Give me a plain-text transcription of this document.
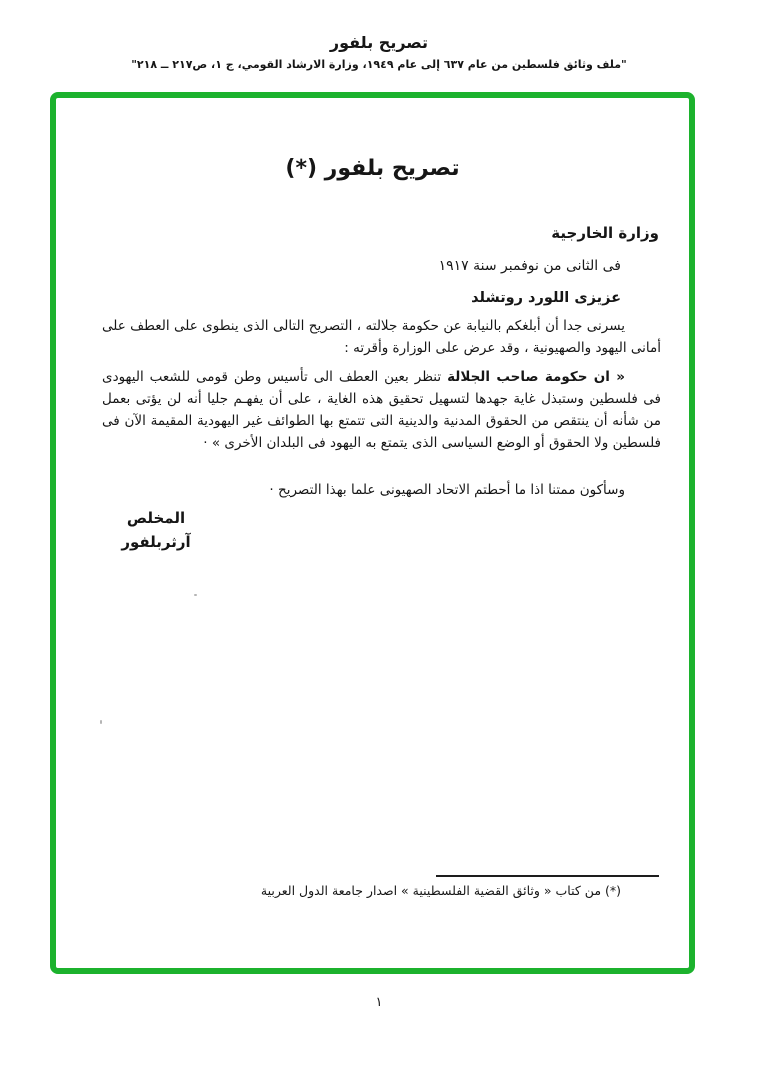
تصريح بلفور
"ملف وثائق فلسطين من عام ٦٣٧ إلى عام ١٩٤٩، وزارة الارشاد القومي، ج ١، ص٢١٧ ــ ٢١٨"
تصريح بلفور (*)
وزارة الخارجية
فى الثانى من نوفمبر سنة ١٩١٧
عزيزى اللورد روتشلد

يسرنى جدا أن أبلغكم بالنيابة عن حكومة جلالته ، التصريح التالى الذى ينطوى على العطف على أمانى اليهود والصهيونية ، وقد عرض على الوزارة وأقرته :

« ان حكومة صاحب الجلالة تنظر بعين العطف الى تأسيس وطن قومى للشعب اليهودى فى فلسطين وستبذل غاية جهدها لتسهيل تحقيق هذه الغاية ، على أن يفهـم جليا أنه لن يؤتى بعمل من شأنه أن ينتقص من الحقوق المدنية والدينية التى تتمتع بها الطوائف غير اليهودية المقيمة الآن فى فلسطين ولا الحقوق أو الوضع السياسى الذى يتمتع به اليهود فى البلدان الأخرى » ·

وسأكون ممتنا اذا ما أحطتم الاتحاد الصهيونى علما بهذا التصريح ·

المخلص
آرثربلفور
(*) من كتاب « وثائق القضية الفلسطينية » اصدار جامعة الدول العربية
١
